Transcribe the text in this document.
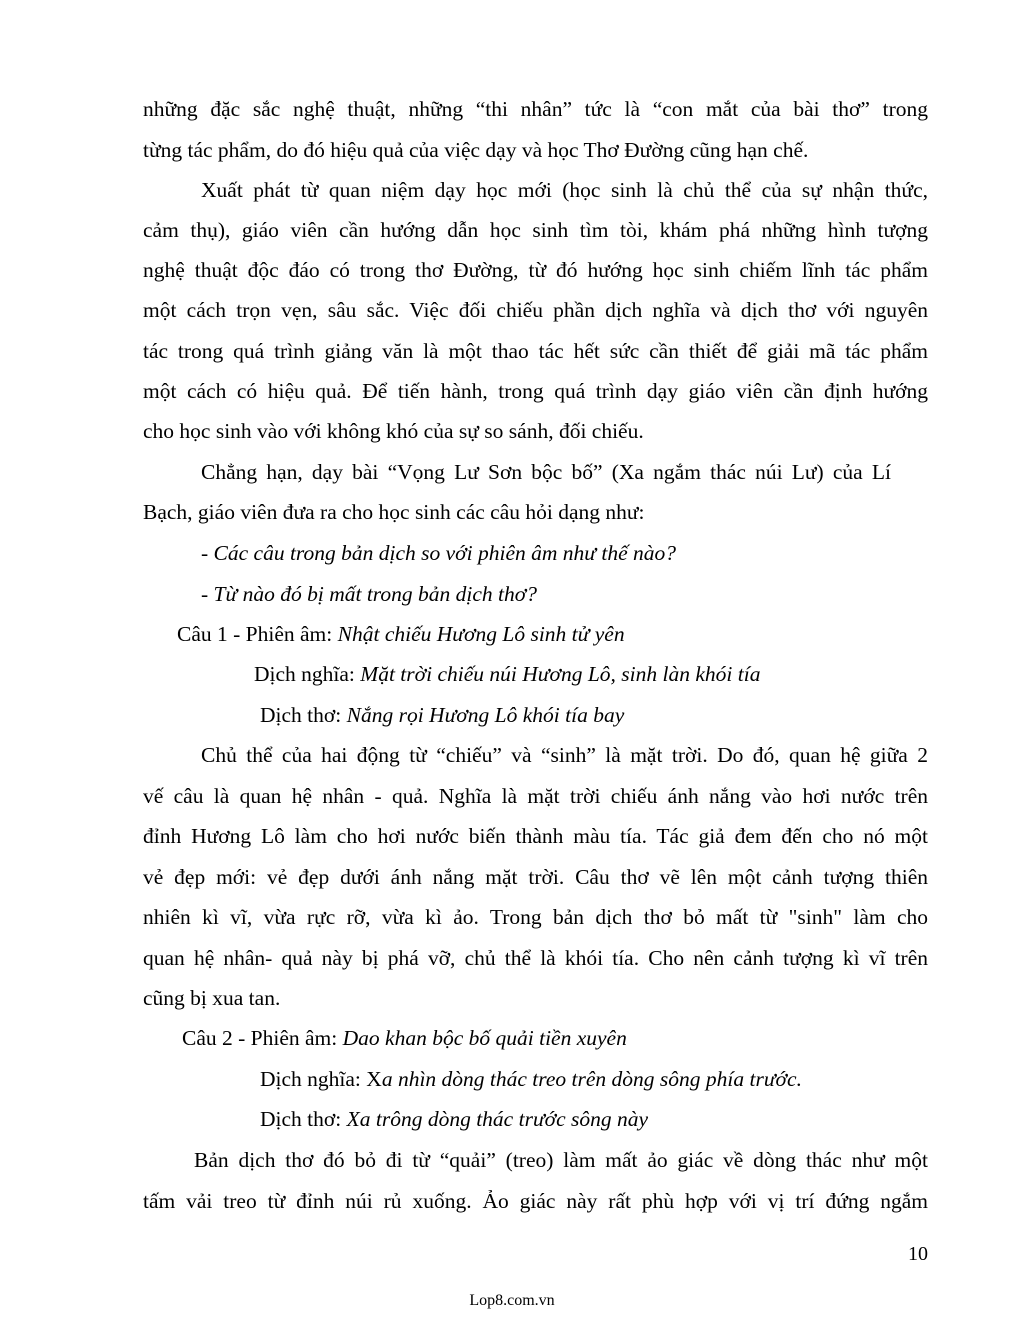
những đặc sắc nghệ thuật, những “thi nhân” tức là “con mắt của bài thơ” trong
từng tác phẩm, do đó hiệu quả của việc dạy và học Thơ Đường cũng hạn chế.
Xuất phát từ quan niệm dạy học mới (học sinh là chủ thể của sự nhận thức,
cảm thụ), giáo viên cần hướng dẫn học sinh tìm tòi, khám phá những hình tượng
nghệ thuật độc đáo có trong thơ Đường, từ đó hướng học sinh chiếm lĩnh tác phẩm
một cách trọn vẹn, sâu sắc. Việc đối chiếu phần dịch nghĩa và dịch thơ với nguyên
tác trong quá trình giảng văn là một thao tác hết sức cần thiết để giải mã tác phẩm
một cách có hiệu quả. Để tiến hành, trong quá trình dạy giáo viên cần định hướng
cho học sinh vào với không khó của sự so sánh, đối chiếu.
Chẳng hạn, dạy bài “Vọng Lư Sơn bộc bố” (Xa ngắm thác núi Lư) của Lí
Bạch, giáo viên đưa ra cho học sinh các câu hỏi dạng như:
- Các câu trong bản dịch so với phiên âm như thế nào?
- Từ nào đó bị mất trong bản dịch thơ?
Câu 1 - Phiên âm: Nhật chiếu Hương Lô sinh tử yên
Dịch nghĩa: Mặt trời chiếu núi Hương Lô, sinh làn khói tía
Dịch thơ: Nắng rọi Hương Lô khói tía bay
Chủ thể của hai động từ “chiếu” và “sinh” là mặt trời. Do đó, quan hệ giữa 2
vế câu là quan hệ nhân - quả. Nghĩa là mặt trời chiếu ánh nắng vào hơi nước trên
đỉnh Hương Lô làm cho hơi nước biến thành màu tía. Tác giả đem đến cho nó một
vẻ đẹp mới: vẻ đẹp dưới ánh nắng mặt trời. Câu thơ vẽ lên một cảnh tượng thiên
nhiên kì vĩ, vừa rực rỡ, vừa kì ảo. Trong bản dịch thơ bỏ mất từ "sinh" làm cho
quan hệ nhân- quả này bị phá vỡ, chủ thể là khói tía. Cho nên cảnh tượng kì vĩ trên
cũng bị xua tan.
Câu 2 - Phiên âm: Dao khan bộc bố quải tiền xuyên
Dịch nghĩa: Xa nhìn dòng thác treo trên dòng sông phía trước.
Dịch thơ: Xa trông dòng thác trước sông này
Bản dịch thơ đó bỏ đi từ “quải” (treo) làm mất ảo giác về dòng thác như một
tấm vải treo từ đỉnh núi rủ xuống. Ảo giác này rất phù hợp với vị trí đứng ngắm
10
Lop8.com.vn
